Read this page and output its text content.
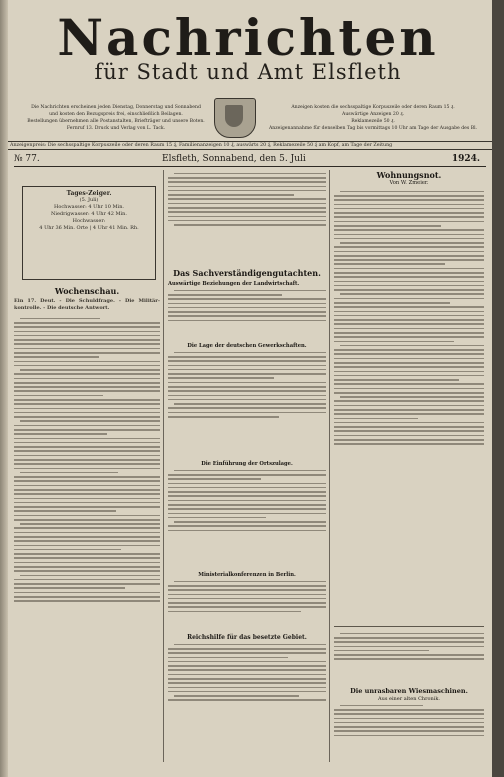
Nachrichten
für Stadt und Amt Elsfleth
Die Nachrichten erscheinen jeden Dienstag, Donnerstag und Sonnabend
und kosten den Bezugspreis frei, einschließlich Beilagen.
Bestellungen übernehmen alle Postanstalten, Briefträger und unsere Boten.
Fernruf 13. Druck und Verlag von L. Tack.
Anzeigen kosten die sechsspaltige Korpuszeile oder deren Raum 15 ₰.
Auswärtige Anzeigen 20 ₰.
Reklamezeile 50 ₰.
Anzeigenannahme für denselben Tag bis vormittags 10 Uhr am Tage der Ausgabe des Bl.
Anzeigenpreis: Die sechsspaltige Korpuszeile oder deren Raum 15 ₰, Familienanzeigen 10 ₰, auswärts 20 ₰, Reklamezeile 50 ₰ am Kopf, am Tage der Zeitung
№ 77.	Elsfleth, Sonnabend, den 5. Juli	1924.
Tages-Zeiger.
(5. Juli)
Hochwasser: 4 Uhr 10 Min.
Niedrigwasser: 4 Uhr 42 Min.
Hochwasser:
4 Uhr 36 Min. Orte | 4 Uhr 41 Min. Rh.
Wochenschau.
Ein 17. Deut. - Die Schuldfrage. - Die Militär-kontrolle. - Die deutsche Antwort.
Das Sachverständigengutachten.
Auswärtige Beziehungen der Landwirtschaft.
Die Lage der deutschen Gewerkschaften.
Die Einführung der Ortszulage.
Ministerialkonferenzen in Berlin.
Reichshilfe für das besetzte Gebiet.
Wohnungsnot.
Von W. Zmeier.
Die unrasbaren Wiesmaschinen.
Aus einer alten Chronik.
